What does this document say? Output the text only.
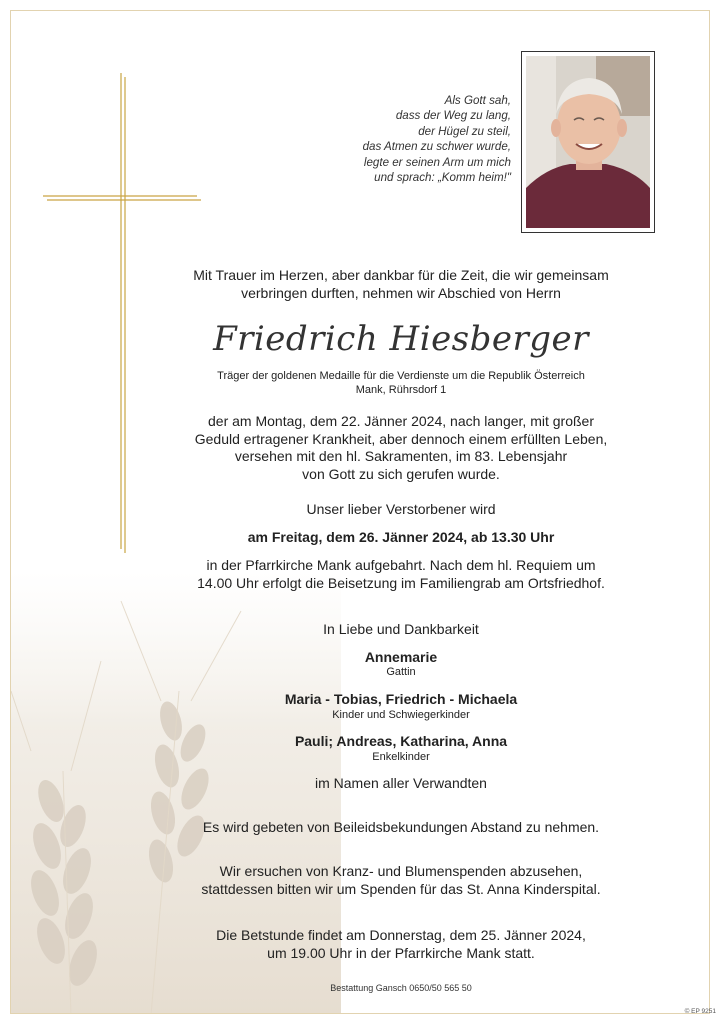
Als Gott sah,
dass der Weg zu lang,
der Hügel zu steil,
das Atmen zu schwer wurde,
legte er seinen Arm um mich
und sprach: „Komm heim!"
Mit Trauer im Herzen, aber dankbar für die Zeit, die wir gemeinsam
verbringen durften, nehmen wir Abschied von Herrn
Friedrich Hiesberger
Träger der goldenen Medaille für die Verdienste um die Republik Österreich
Mank, Rührsdorf 1
der am Montag, dem 22. Jänner 2024, nach langer, mit großer
Geduld ertragener Krankheit, aber dennoch einem erfüllten Leben,
versehen mit den hl. Sakramenten, im 83. Lebensjahr
von Gott zu sich gerufen wurde.
Unser lieber Verstorbener wird
am Freitag, dem 26. Jänner 2024, ab 13.30 Uhr
in der Pfarrkirche Mank aufgebahrt. Nach dem hl. Requiem um
14.00 Uhr erfolgt die Beisetzung im Familiengrab am Ortsfriedhof.
In Liebe und Dankbarkeit
Annemarie
Gattin
Maria - Tobias, Friedrich - Michaela
Kinder und Schwiegerkinder
Pauli; Andreas, Katharina, Anna
Enkelkinder
im Namen aller Verwandten
Es wird gebeten von Beileidsbekundungen Abstand zu nehmen.
Wir ersuchen von Kranz- und Blumenspenden abzusehen,
stattdessen bitten wir um Spenden für das St. Anna Kinderspital.
Die Betstunde findet am Donnerstag, dem 25. Jänner 2024,
um 19.00 Uhr in der Pfarrkirche Mank statt.
Bestattung Gansch 0650/50 565 50
© EP 9251
